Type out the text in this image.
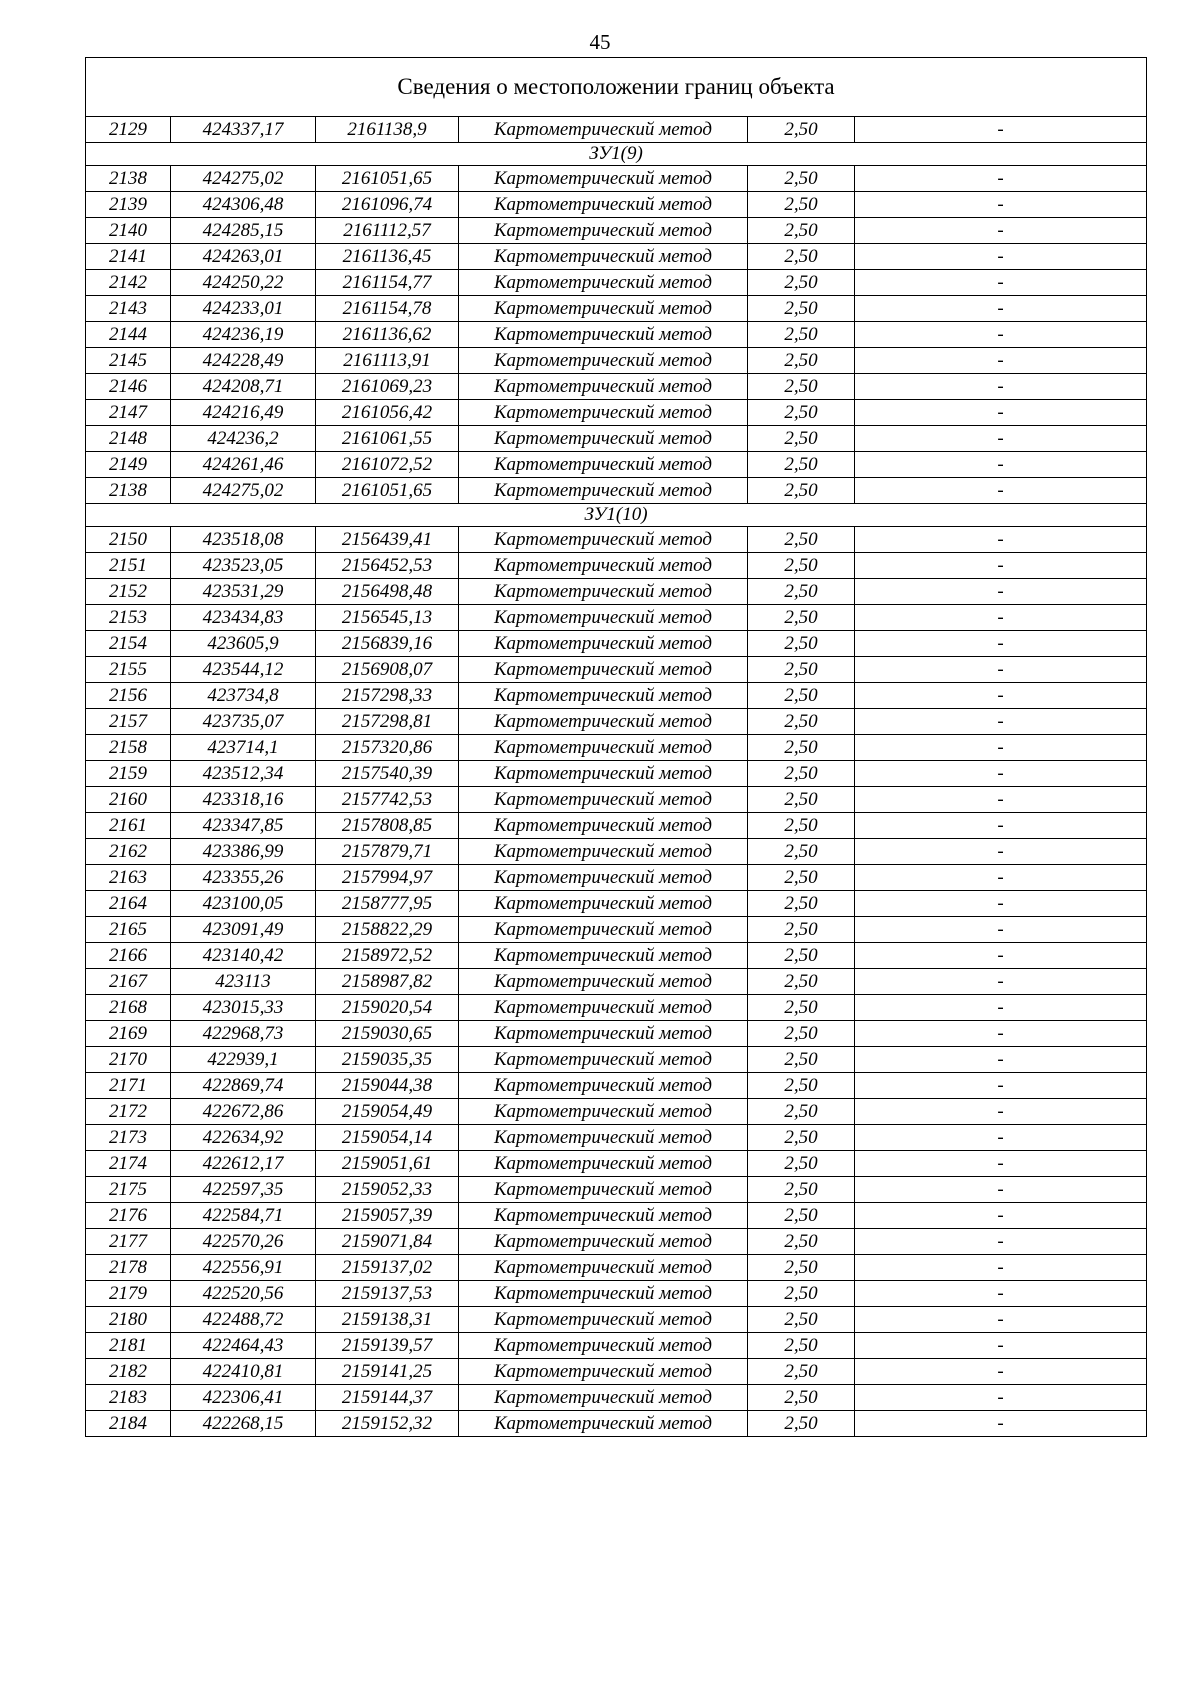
45
Сведения о местоположении границ объекта					
2129	424337,17	2161138,9	Картометрический метод	2,50	-
ЗУ1(9)					
2138	424275,02	2161051,65	Картометрический метод	2,50	-
2139	424306,48	2161096,74	Картометрический метод	2,50	-
2140	424285,15	2161112,57	Картометрический метод	2,50	-
2141	424263,01	2161136,45	Картометрический метод	2,50	-
2142	424250,22	2161154,77	Картометрический метод	2,50	-
2143	424233,01	2161154,78	Картометрический метод	2,50	-
2144	424236,19	2161136,62	Картометрический метод	2,50	-
2145	424228,49	2161113,91	Картометрический метод	2,50	-
2146	424208,71	2161069,23	Картометрический метод	2,50	-
2147	424216,49	2161056,42	Картометрический метод	2,50	-
2148	424236,2	2161061,55	Картометрический метод	2,50	-
2149	424261,46	2161072,52	Картометрический метод	2,50	-
2138	424275,02	2161051,65	Картометрический метод	2,50	-
ЗУ1(10)					
2150	423518,08	2156439,41	Картометрический метод	2,50	-
2151	423523,05	2156452,53	Картометрический метод	2,50	-
2152	423531,29	2156498,48	Картометрический метод	2,50	-
2153	423434,83	2156545,13	Картометрический метод	2,50	-
2154	423605,9	2156839,16	Картометрический метод	2,50	-
2155	423544,12	2156908,07	Картометрический метод	2,50	-
2156	423734,8	2157298,33	Картометрический метод	2,50	-
2157	423735,07	2157298,81	Картометрический метод	2,50	-
2158	423714,1	2157320,86	Картометрический метод	2,50	-
2159	423512,34	2157540,39	Картометрический метод	2,50	-
2160	423318,16	2157742,53	Картометрический метод	2,50	-
2161	423347,85	2157808,85	Картометрический метод	2,50	-
2162	423386,99	2157879,71	Картометрический метод	2,50	-
2163	423355,26	2157994,97	Картометрический метод	2,50	-
2164	423100,05	2158777,95	Картометрический метод	2,50	-
2165	423091,49	2158822,29	Картометрический метод	2,50	-
2166	423140,42	2158972,52	Картометрический метод	2,50	-
2167	423113	2158987,82	Картометрический метод	2,50	-
2168	423015,33	2159020,54	Картометрический метод	2,50	-
2169	422968,73	2159030,65	Картометрический метод	2,50	-
2170	422939,1	2159035,35	Картометрический метод	2,50	-
2171	422869,74	2159044,38	Картометрический метод	2,50	-
2172	422672,86	2159054,49	Картометрический метод	2,50	-
2173	422634,92	2159054,14	Картометрический метод	2,50	-
2174	422612,17	2159051,61	Картометрический метод	2,50	-
2175	422597,35	2159052,33	Картометрический метод	2,50	-
2176	422584,71	2159057,39	Картометрический метод	2,50	-
2177	422570,26	2159071,84	Картометрический метод	2,50	-
2178	422556,91	2159137,02	Картометрический метод	2,50	-
2179	422520,56	2159137,53	Картометрический метод	2,50	-
2180	422488,72	2159138,31	Картометрический метод	2,50	-
2181	422464,43	2159139,57	Картометрический метод	2,50	-
2182	422410,81	2159141,25	Картометрический метод	2,50	-
2183	422306,41	2159144,37	Картометрический метод	2,50	-
2184	422268,15	2159152,32	Картометрический метод	2,50	-
